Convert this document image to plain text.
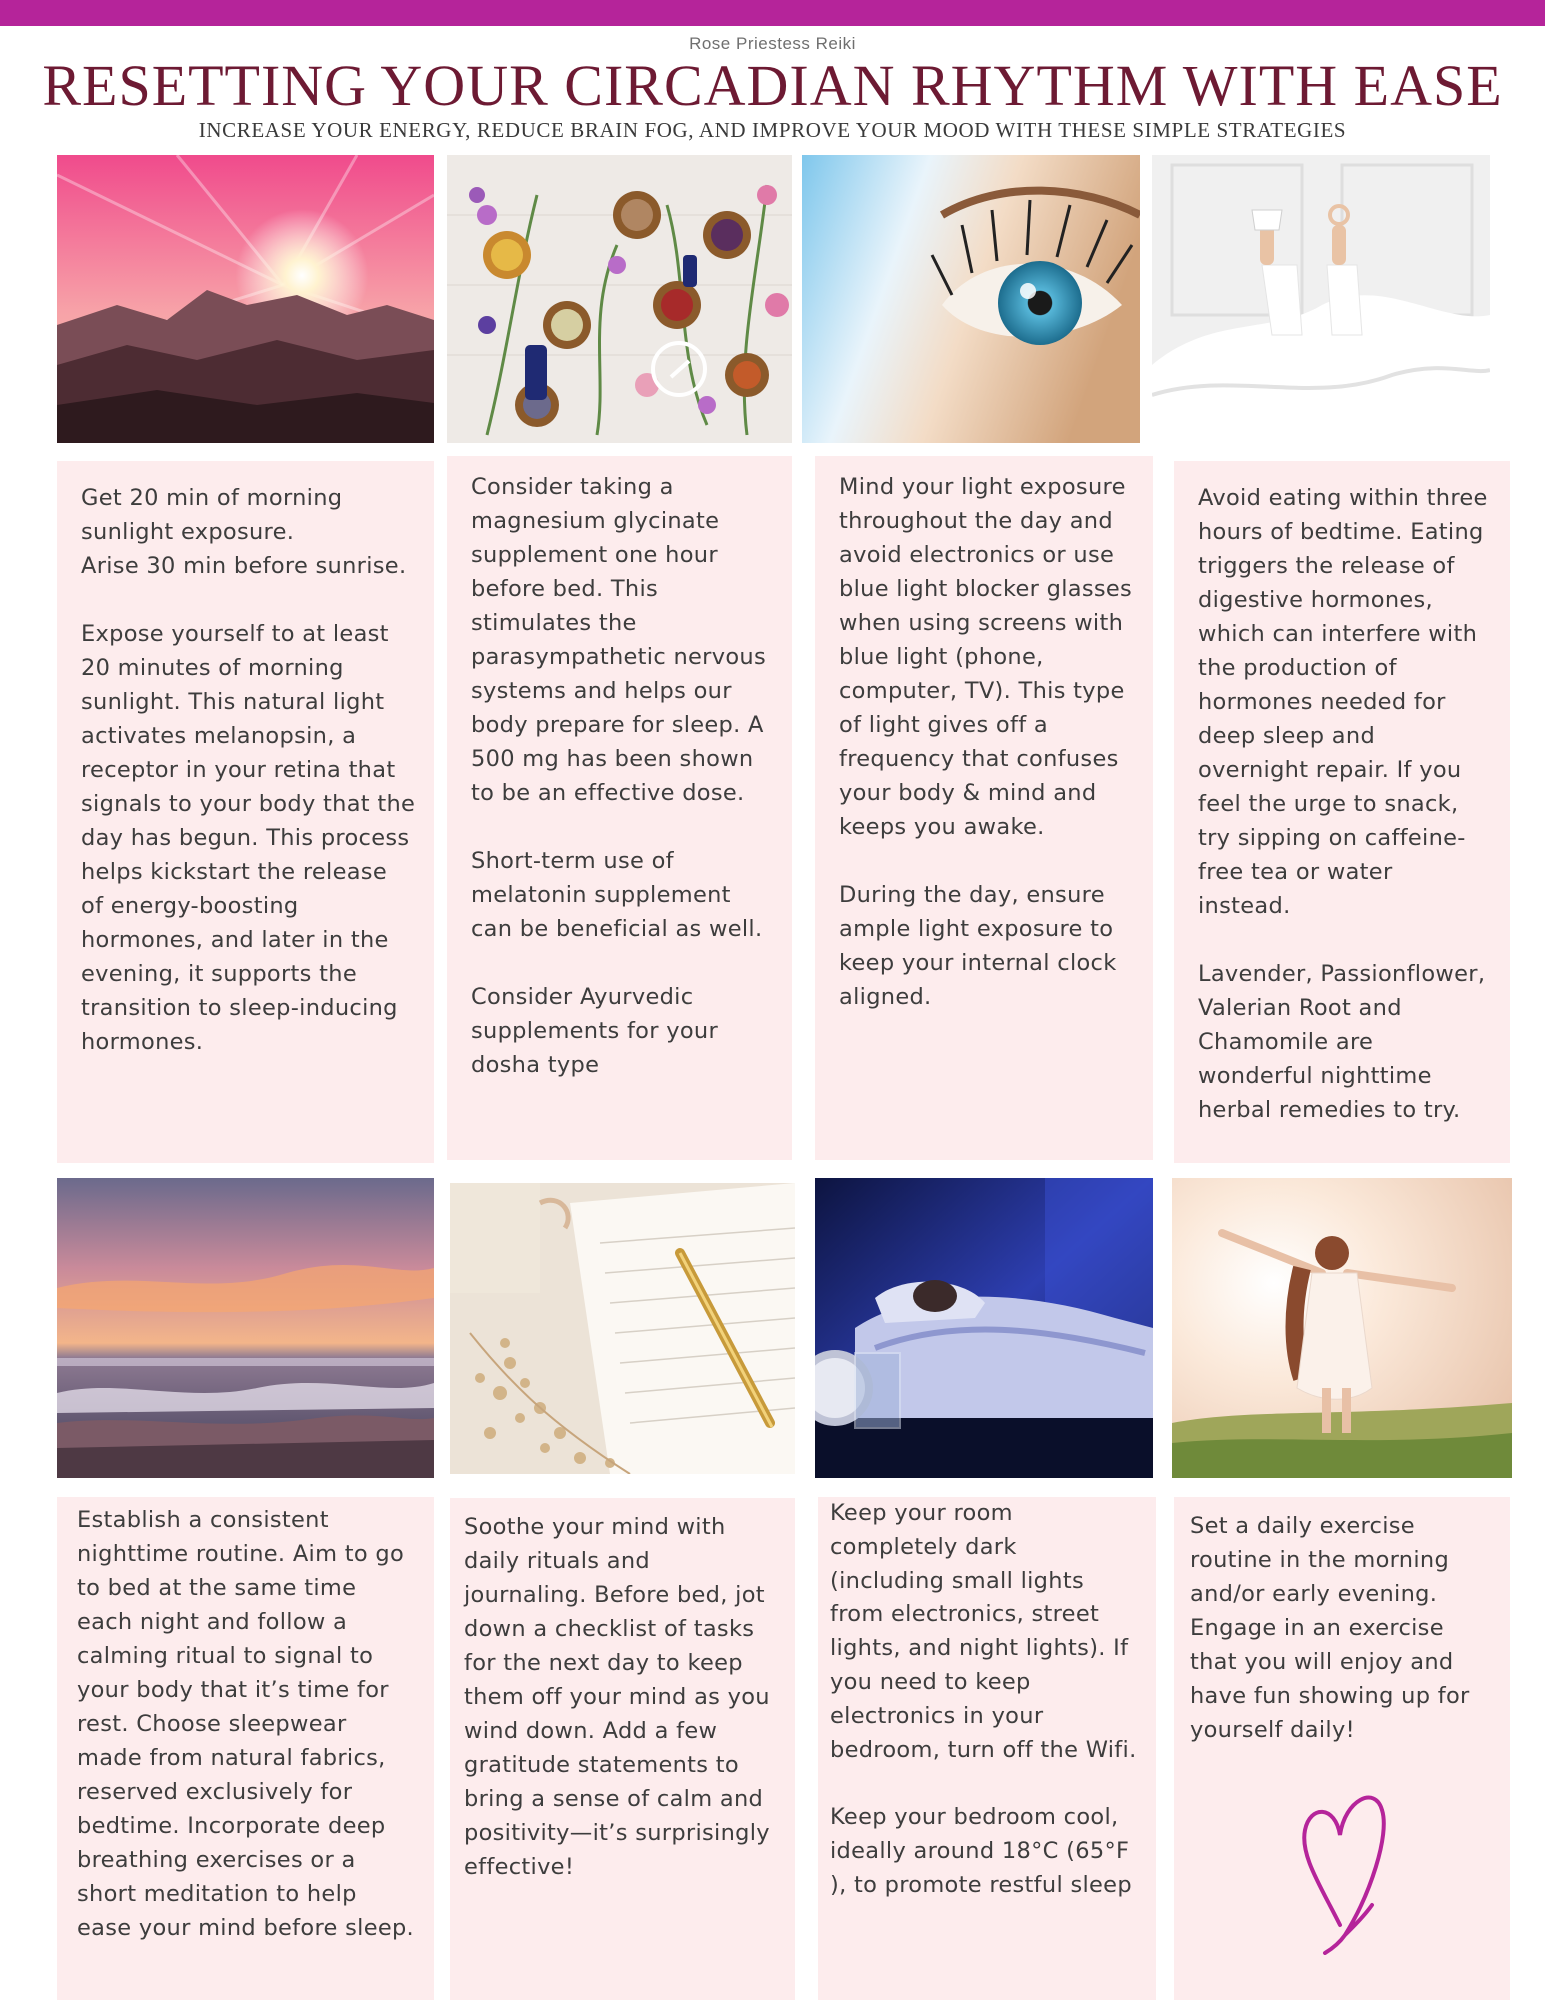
Rose Priestess Reiki
RESETTING YOUR CIRCADIAN RHYTHM WITH EASE
INCREASE YOUR ENERGY, REDUCE BRAIN FOG, AND IMPROVE YOUR MOOD WITH THESE SIMPLE STRATEGIES
Get 20 min of morning sunlight exposure.
Arise 30 min before sunrise.

Expose yourself to at least 20 minutes of morning sunlight. This natural light activates melanopsin, a receptor in your retina that signals to your body that the day has begun. This process helps kickstart the release of energy-boosting hormones, and later in the evening, it supports the transition to sleep-inducing hormones.
Consider taking a magnesium glycinate supplement one hour before bed. This stimulates the parasympathetic nervous systems and helps our body prepare for sleep. A 500 mg has been shown to be an effective dose.

Short-term use of melatonin supplement can be beneficial as well.

Consider Ayurvedic supplements for your dosha type
Mind your light exposure throughout the day and avoid electronics or use blue light blocker glasses when using screens with blue light (phone, computer, TV). This type of light gives off a frequency that confuses your body & mind and keeps you awake.

During the day, ensure ample light exposure to keep your internal clock aligned.
Avoid eating within three hours of bedtime. Eating triggers the release of digestive hormones, which can interfere with the production of hormones needed for deep sleep and overnight repair. If you feel the urge to snack, try sipping on caffeine-free tea or water instead.

Lavender, Passionflower, Valerian Root and Chamomile are wonderful nighttime herbal remedies to try.
Establish a consistent nighttime routine. Aim to go to bed at the same time each night and follow a calming ritual to signal to your body that it’s time for rest. Choose sleepwear made from natural fabrics, reserved exclusively for bedtime. Incorporate deep breathing exercises or a short meditation to help ease your mind before sleep.
Soothe your mind with daily rituals and journaling. Before bed, jot down a checklist of tasks for the next day to keep them off your mind as you wind down. Add a few gratitude statements to bring a sense of calm and positivity—it’s surprisingly effective!
Keep your room completely dark (including small lights from electronics, street lights, and night lights). If you need to keep electronics in your bedroom, turn off the Wifi.

Keep your bedroom cool, ideally around 18°C (65°F ), to promote restful sleep
Set a daily exercise routine in the morning and/or early evening. Engage in an exercise that you will enjoy and have fun showing up for yourself daily!
